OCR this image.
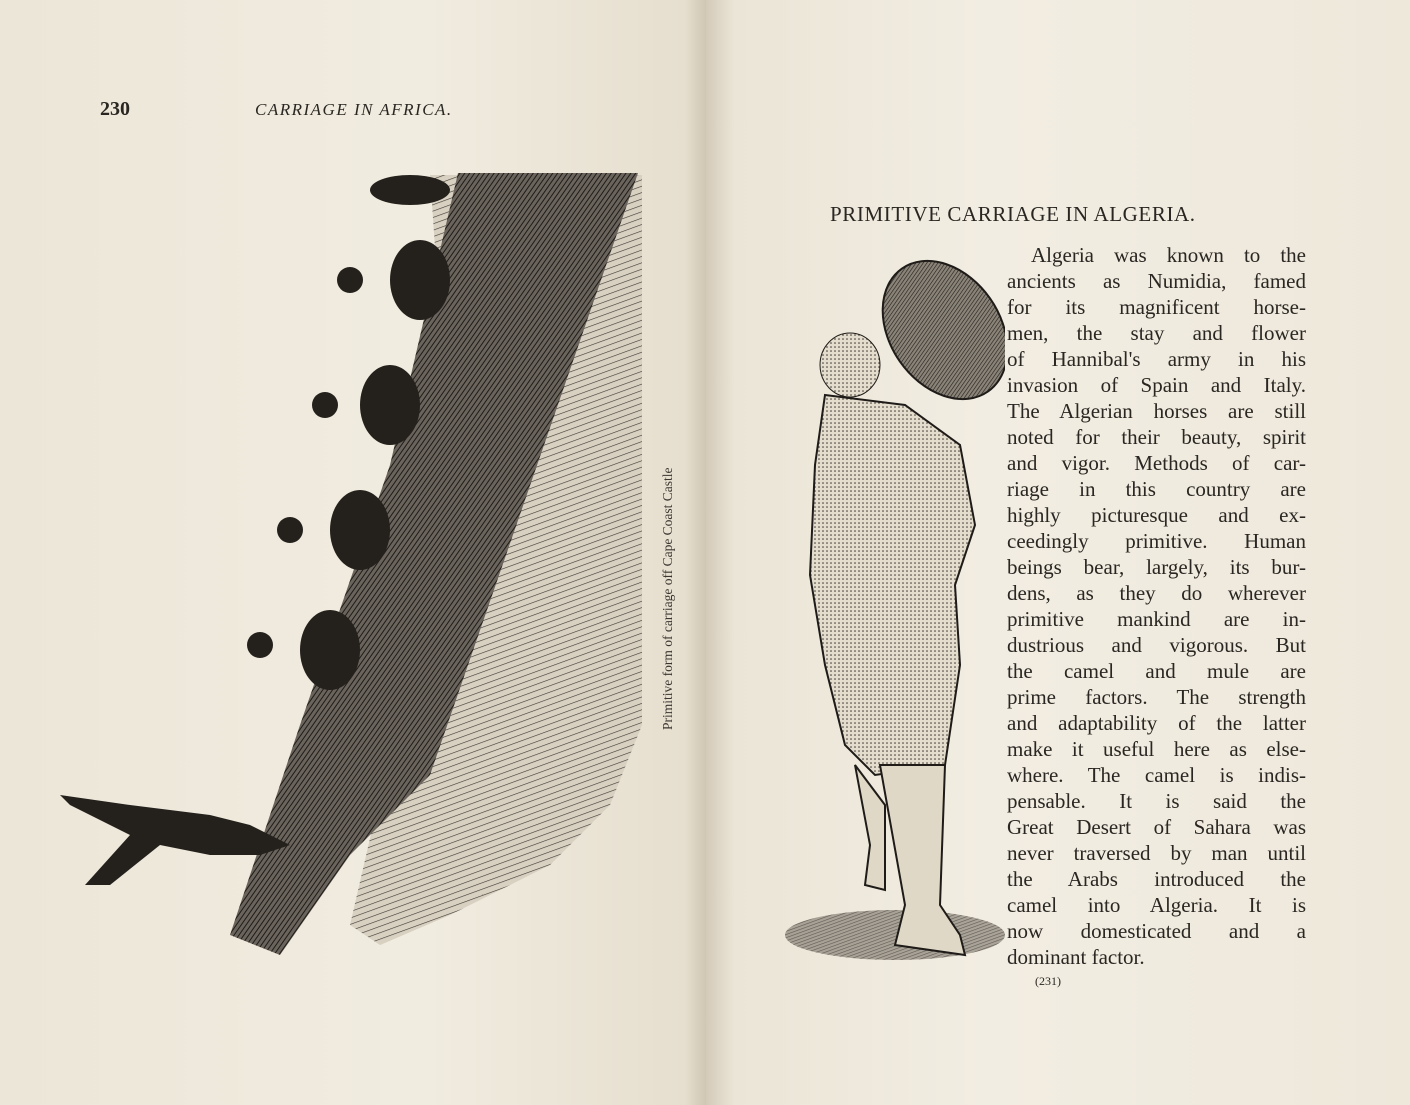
230	CARRIAGE IN AFRICA.
Primitive form of carriage off Cape Coast Castle
PRIMITIVE CARRIAGE IN ALGERIA.
Algeria was known to the
ancients as Numidia, famed
for its magnificent horse-
men, the stay and flower
of Hannibal's army in his
invasion of Spain and Italy.
The Algerian horses are still
noted for their beauty, spirit
and vigor. Methods of car-
riage in this country are
highly picturesque and ex-
ceedingly primitive. Human
beings bear, largely, its bur-
dens, as they do wherever
primitive mankind are in-
dustrious and vigorous. But
the camel and mule are
prime factors. The strength
and adaptability of the latter
make it useful here as else-
where. The camel is indis-
pensable. It is said the
Great Desert of Sahara was
never traversed by man until
the Arabs introduced the
camel into Algeria. It is
now domesticated and a
dominant factor.
(231)
